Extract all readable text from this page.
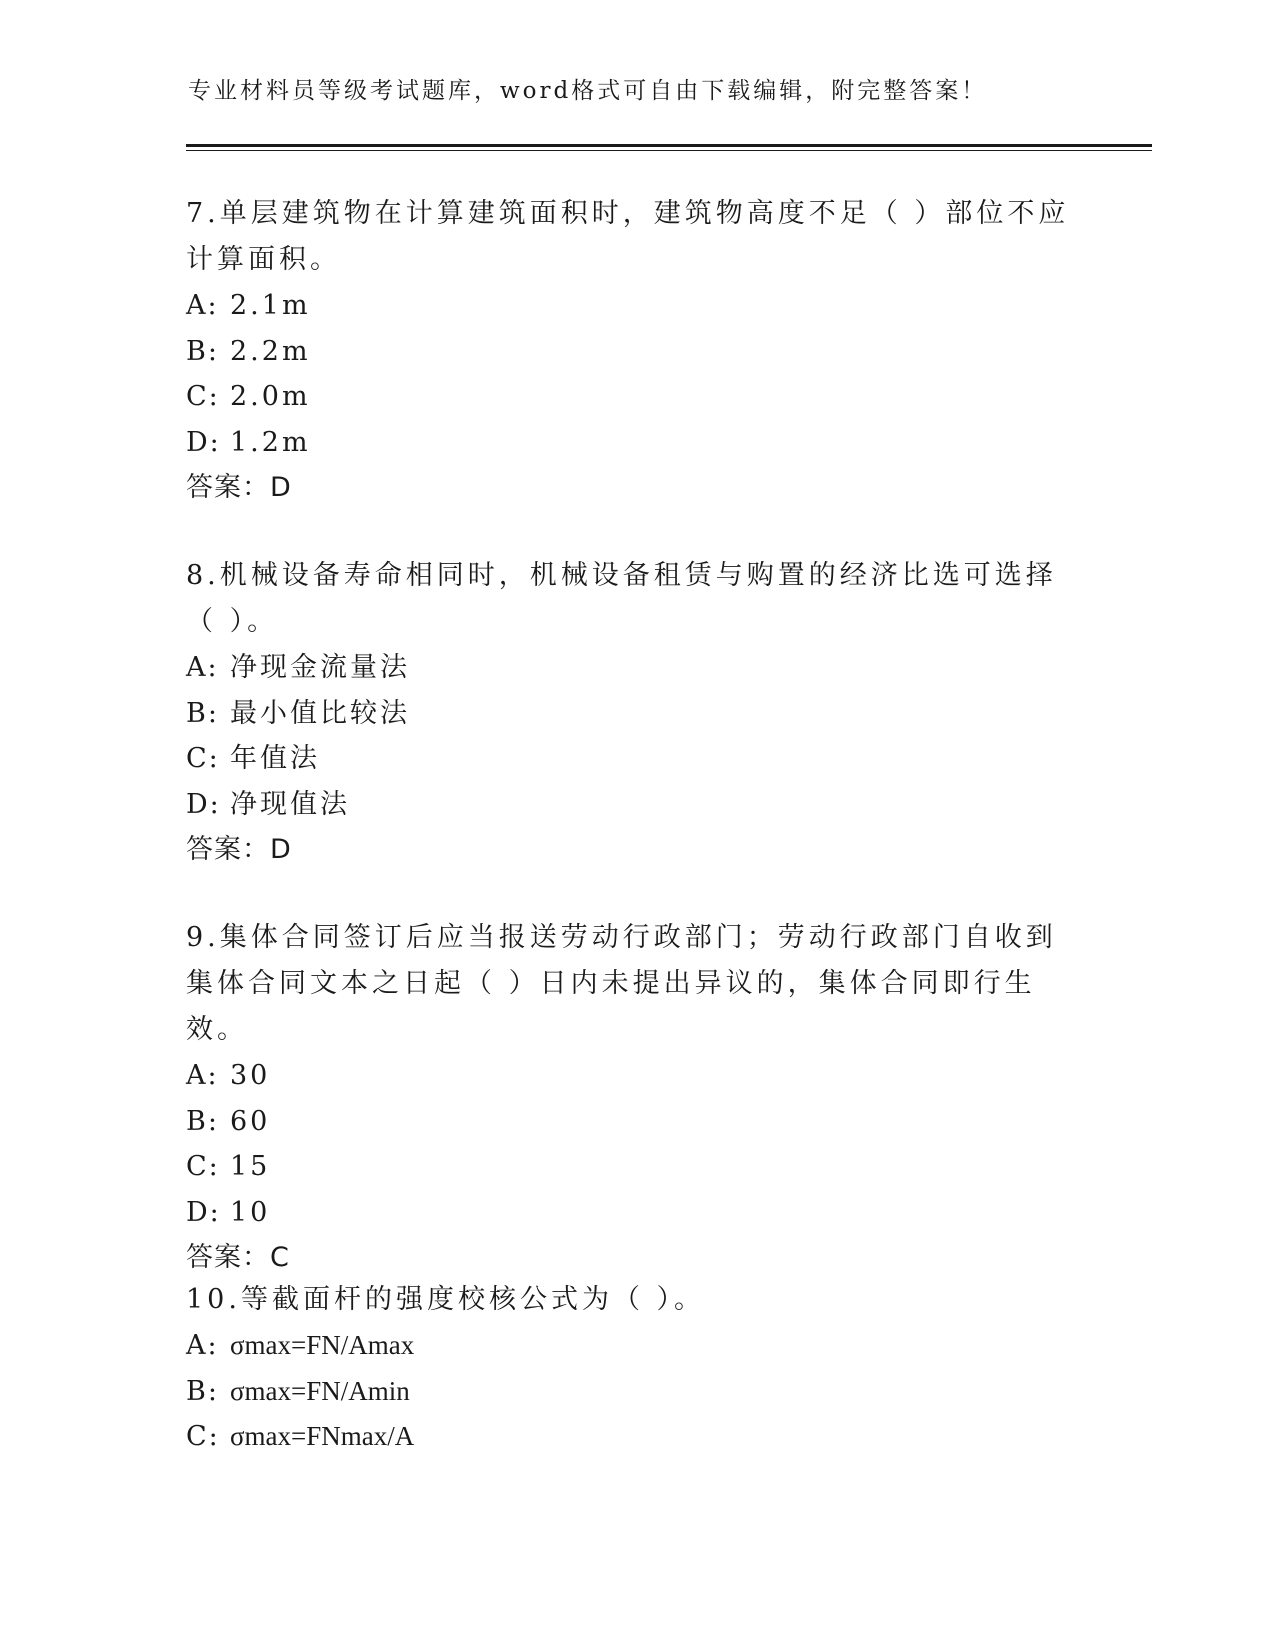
专业材料员等级考试题库，word格式可自由下载编辑，附完整答案！

7.单层建筑物在计算建筑面积时，建筑物高度不足（ ）部位不应计算面积。

A: 2.1m
B: 2.2m
C: 2.0m
D: 1.2m
答案：D

8.机械设备寿命相同时，机械设备租赁与购置的经济比选可选择（ ）。

A: 净现金流量法
B: 最小值比较法
C: 年值法
D: 净现值法
答案：D

9.集体合同签订后应当报送劳动行政部门；劳动行政部门自收到集体合同文本之日起（ ）日内未提出异议的，集体合同即行生效。

A: 30
B: 60
C: 15
D: 10
答案：C

10.等截面杆的强度校核公式为（ ）。

A: σmax=FN/Amax
B: σmax=FN/Amin
C: σmax=FNmax/A
